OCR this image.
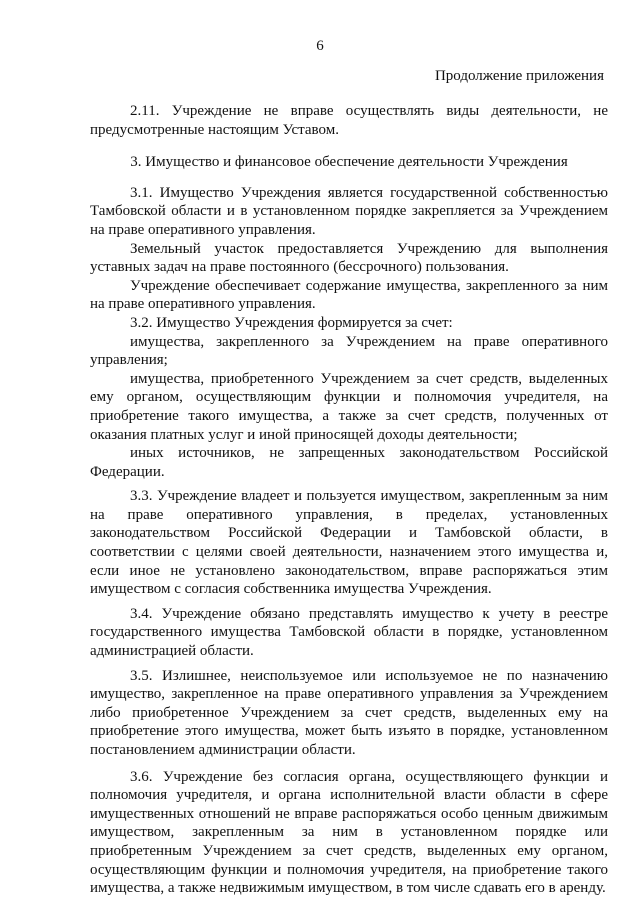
6
Продолжение приложения

2.11. Учреждение не вправе осуществлять виды деятельности, не предусмотренные настоящим Уставом.

3. Имущество и финансовое обеспечение деятельности Учреждения

3.1. Имущество Учреждения является государственной собственностью Тамбовской области и в установленном порядке закрепляется за Учреждением на праве оперативного управления.

Земельный участок предоставляется Учреждению для выполнения уставных задач на праве постоянного (бессрочного) пользования.

Учреждение обеспечивает содержание имущества, закрепленного за ним на праве оперативного управления.

3.2. Имущество Учреждения формируется за счет:

имущества, закрепленного за Учреждением на праве оперативного управления;

имущества, приобретенного Учреждением за счет средств, выделенных ему органом, осуществляющим функции и полномочия учредителя, на приобретение такого имущества, а также за счет средств, полученных от оказания платных услуг и иной приносящей доходы деятельности;

иных источников, не запрещенных законодательством Российской Федерации.

3.3. Учреждение владеет и пользуется имуществом, закрепленным за ним на праве оперативного управления, в пределах, установленных законодательством Российской Федерации и Тамбовской области, в соответствии с целями своей деятельности, назначением этого имущества и, если иное не установлено законодательством, вправе распоряжаться этим имуществом с согласия собственника имущества Учреждения.

3.4. Учреждение обязано представлять имущество к учету в реестре государственного имущества Тамбовской области в порядке, установленном администрацией области.

3.5. Излишнее, неиспользуемое или используемое не по назначению имущество, закрепленное на праве оперативного управления за Учреждением либо приобретенное Учреждением за счет средств, выделенных ему на приобретение этого имущества, может быть изъято в порядке, установленном постановлением администрации области.

3.6. Учреждение без согласия органа, осуществляющего функции и полномочия учредителя, и органа исполнительной власти области в сфере имущественных отношений не вправе распоряжаться особо ценным движимым имуществом, закрепленным за ним в установленном порядке или приобретенным Учреждением за счет средств, выделенных ему органом, осуществляющим функции и полномочия учредителя, на приобретение такого имущества, а также недвижимым имуществом, в том числе сдавать его в аренду.
